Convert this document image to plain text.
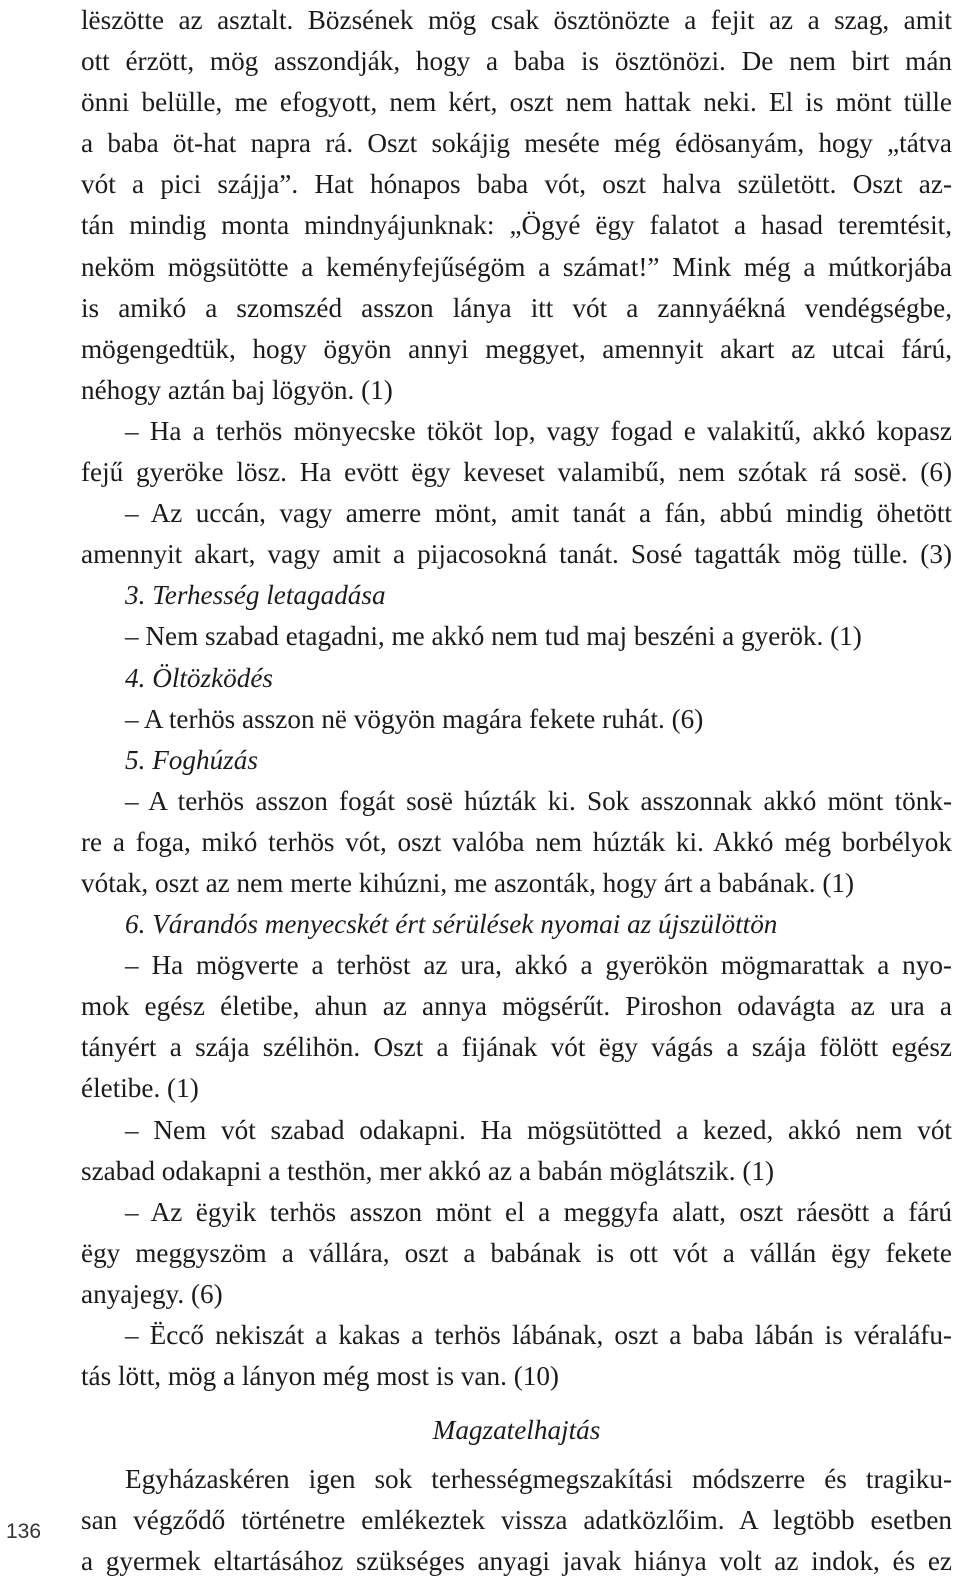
lëszötte az asztalt. Bözsének mög csak ösztönözte a fejit az a szag, amit
ott érzött, mög asszondják, hogy a baba is ösztönözi. De nem birt mán
önni belülle, me efogyott, nem kért, oszt nem hattak neki. El is mönt tülle
a baba öt-hat napra rá. Oszt sokájig meséte még édösanyám, hogy „tátva
vót a pici szájja”. Hat hónapos baba vót, oszt halva születött. Oszt az-
tán mindig monta mindnyájunknak: „Ögyé ëgy falatot a hasad teremtésit,
neköm mögsütötte a keményfejűségöm a számat!” Mink még a mútkorjába
is amikó a szomszéd asszon lánya itt vót a zannyáékná vendégségbe,
mögengedtük, hogy ögyön annyi meggyet, amennyit akart az utcai fárú,
néhogy aztán baj lögyön. (1)
– Ha a terhös mönyecske tököt lop, vagy fogad e valakitű, akkó kopasz
fejű gyeröke lösz. Ha evött ëgy keveset valamibű, nem szótak rá sosë. (6)
– Az uccán, vagy amerre mönt, amit tanát a fán, abbú mindig öhetött
amennyit akart, vagy amit a pijacosokná tanát. Sosé tagatták mög tülle. (3)
3. Terhesség letagadása
– Nem szabad etagadni, me akkó nem tud maj beszéni a gyerök. (1)
4. Öltözködés
– A terhös asszon në vögyön magára fekete ruhát. (6)
5. Foghúzás
– A terhös asszon fogát sosë húzták ki. Sok asszonnak akkó mönt tönk-
re a foga, mikó terhös vót, oszt valóba nem húzták ki. Akkó még borbélyok
vótak, oszt az nem merte kihúzni, me aszonták, hogy árt a babának. (1)
6. Várandós menyecskét ért sérülések nyomai az újszülöttön
– Ha mögverte a terhöst az ura, akkó a gyerökön mögmarattak a nyo-
mok egész életibe, ahun az annya mögsérűt. Piroshon odavágta az ura a
tányért a szája szélihön. Oszt a fijának vót ëgy vágás a szája fölött egész
életibe. (1)
– Nem vót szabad odakapni. Ha mögsütötted a kezed, akkó nem vót
szabad odakapni a testhön, mer akkó az a babán möglátszik. (1)
– Az ëgyik terhös asszon mönt el a meggyfa alatt, oszt ráesött a fárú
ëgy meggyszöm a vállára, oszt a babának is ott vót a vállán ëgy fekete
anyajegy. (6)
– Ëccő nekiszát a kakas a terhös lábának, oszt a baba lábán is véraláfu-
tás lött, mög a lányon még most is van. (10)
Magzatelhajtás
Egyházaskéren igen sok terhességmegszakítási módszerre és tragiku-
san végződő történetre emlékeztek vissza adatközlőim. A legtöbb esetben
a gyermek eltartásához szükséges anyagi javak hiánya volt az indok, és ez
136
